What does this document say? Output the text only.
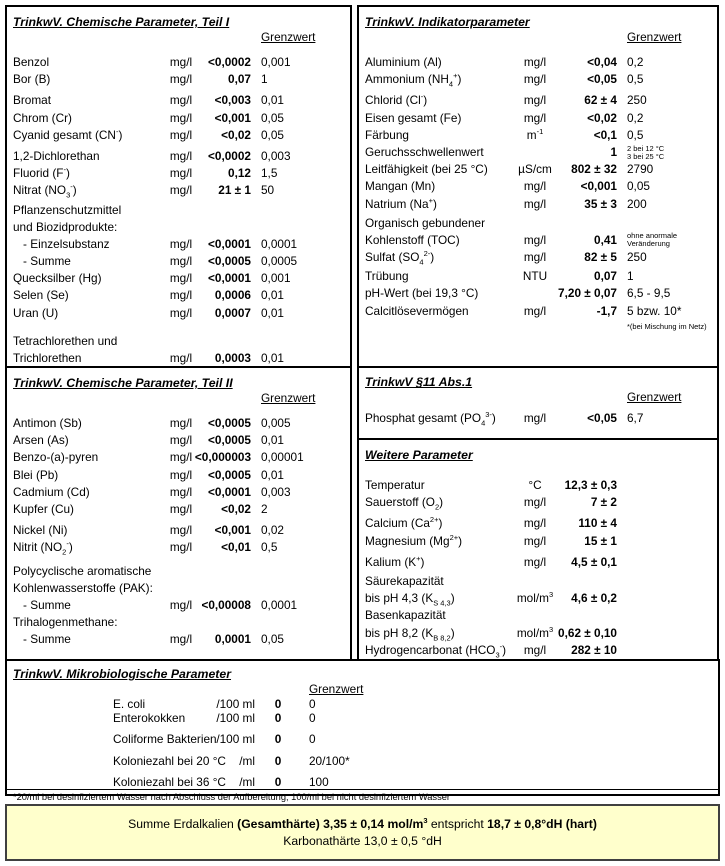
TrinkwV. Chemische Parameter, Teil I
Grenzwert
Benzol	mg/l	<0,0002 0,001
Bor (B)	mg/l	0,07 1
Bromat	mg/l	<0,003 0,01
Chrom (Cr)	mg/l	<0,001 0,05
Cyanid gesamt (CN-)	mg/l	<0,02 0,05
1,2-Dichlorethan	mg/l	<0,0002 0,003
Fluorid (F-)	mg/l	0,12 1,5
Nitrat $(NO_3^-)$	mg/l	21 ± 1 50
Pflanzenschutzmittel
und Biozidprodukte:
- Einzelsubstanz	mg/l	<0,0001 0,0001
- Summe	mg/l	<0,0005 0,0005
Quecksilber (Hg)	mg/l	<0,0001 0,001
Selen (Se)	mg/l	0,0006 0,01
Uran (U)	mg/l	0,0007 0,01
Tetrachlorethen und
Trichlorethen	mg/l	0,0003 0,01
TrinkwV. Chemische Parameter, Teil II
Grenzwert
Antimon (Sb)	mg/l	<0,0005 0,005
Arsen (As)	mg/l	<0,0005 0,01
Benzo-(a)-pyren	mg/l <0,000003 0,00001
Blei (Pb)	mg/l	<0,0005 0,01
Cadmium (Cd)	mg/l	<0,0001 0,003
Kupfer (Cu)	mg/l	<0,02 2
Nickel (Ni)	mg/l	<0,001 0,02
Nitrit $(NO_2^-)$	mg/l	<0,01 0,5
Polycyclische aromatische
Kohlenwasserstoffe (PAK):
- Summe	mg/l <0,00008 0,0001
Trihalogenmethane:
- Summe	mg/l	0,0001 0,05
TrinkwV. Indikatorparameter
Grenzwert
Aluminium (Al)	mg/l	<0,04 0,2
Ammonium $(NH_4^+)$	mg/l	<0,05 0,5
Chlorid (Cl-)	mg/l	62 ± 4 250
Eisen gesamt (Fe)	mg/l	<0,02 0,2
Färbung	$m^{-1}$	<0,1 0,5
Geruchsschwellenwert	1	2 bei 12 °C
3 bei 25 °C
Leitfähigkeit (bei 25 °C)	µS/cm	802 ± 32 2790
Mangan (Mn)	mg/l	<0,001 0,05
Natrium (Na+)	mg/l	35 ± 3 200
Organisch gebundener
Kohlenstoff (TOC)	mg/l	0,41	ohne anormale
Veränderung
Sulfat $(SO_4^{2-})$	mg/l	82 ± 5 250
Trübung	NTU	0,07 1
pH-Wert (bei 19,3 °C)	7,20 ± 0,07 6,5 - 9,5
Calcitlösevermögen	mg/l	-1,7 5 bzw. 10*
*(bei Mischung im Netz)
TrinkwV §11 Abs.1
Grenzwert
Phosphat gesamt $(PO_4^{3-})$	mg/l	<0,05 6,7
Weitere Parameter
Temperatur	°C	12,3 ± 0,3
Sauerstoff $(O_2)$	mg/l	7 ± 2
Calcium $(Ca^{2+})$	mg/l	110 ± 4
Magnesium $(Mg^{2+})$	mg/l	15 ± 1
Kalium (K+)	mg/l	4,5 ± 0,1
Säurekapazität
bis pH 4,3 $(K_{S 4,3})$	mol/$m^3$	4,6 ± 0,2
Basenkapazität
bis pH 8,2 $(K_{B 8,2})$	mol/$m^3$ 0,62 ± 0,10
Hydrogencarbonat $(HCO_3^-)$	mg/l	282 ± 10
TrinkwV. Mikrobiologische Parameter
Grenzwert
E. coli	/100 ml	0	0
Enterokokken	/100 ml	0	0
Coliforme Bakterien /100 ml	0	0
Koloniezahl bei 20 °C	/ml	0	20/100*
Koloniezahl bei 36 °C	/ml	0	100
*20/ml bei desinfiziertem Wasser nach Abschluss der Aufbereitung; 100/ml bei nicht desinfiziertem Wasser
Summe Erdalkalien (Gesamthärte) 3,35 ± 0,14 mol/$m^3$ entspricht 18,7 ± 0,8°dH (hart)
Karbonathärte 13,0 ± 0,5 °dH
